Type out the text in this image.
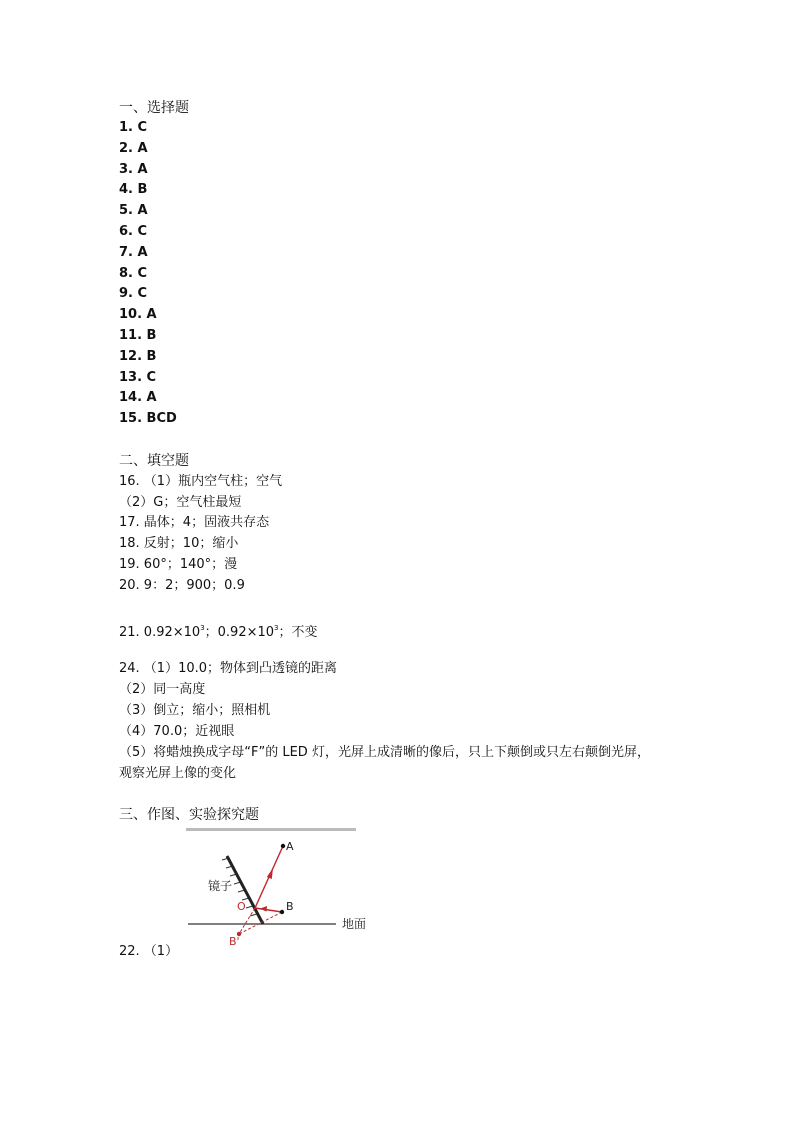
一、选择题
1. C
2. A
3. A
4. B
5. A
6. C
7. A
8. C
9. C
10. A
11. B
12. B
13. C
14. A
15. BCD
二、填空题
16. （1）瓶内空气柱；空气
（2）G；空气柱最短
17. 晶体；4；固液共存态
18. 反射；10；缩小
19. 60°；140°；漫
20. 9：2；900；0.9
21. $0.92\times 10^3$；$0.92\times 10^3$；不变
24. （1）10.0；物体到凸透镜的距离
（2）同一高度
（3）倒立；缩小；照相机
（4）70.0；近视眼
（5）将蜡烛换成字母“F”的 LED 灯，光屏上成清晰的像后，只上下颠倒或只左右颠倒光屏，
观察光屏上像的变化
三、作图、实验探究题
地面
镜子
A
B
O
B'
22. （1）
